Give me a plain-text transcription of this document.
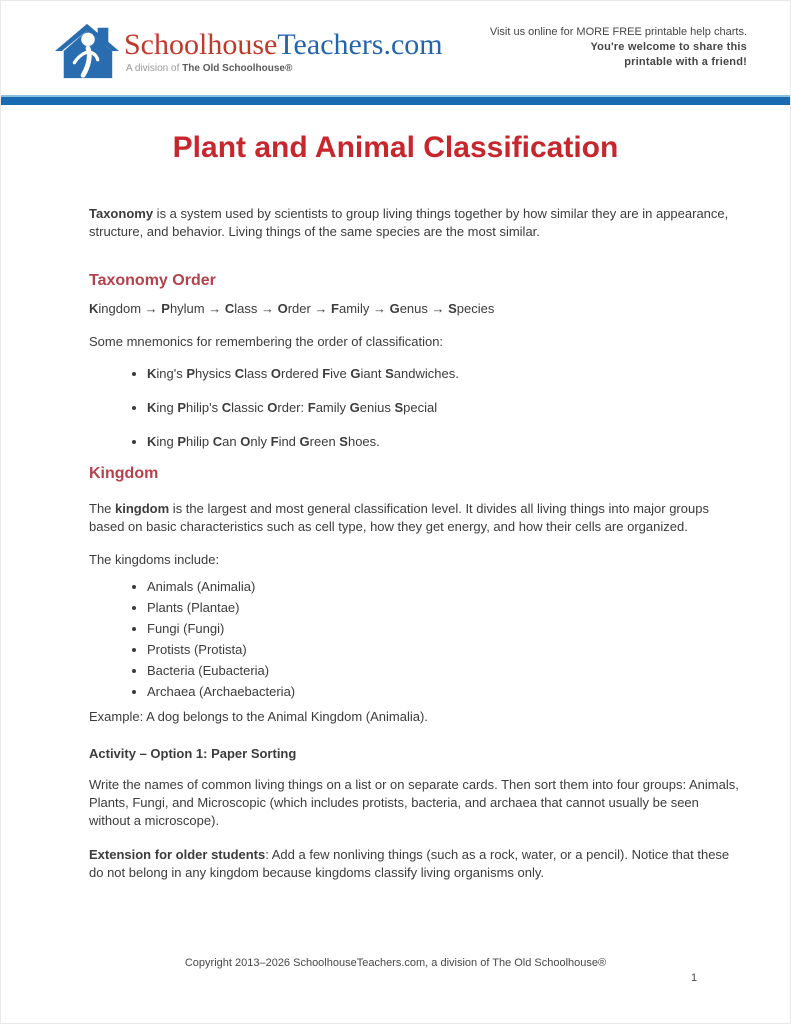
SchoolhouseTeachers.com
A division of The Old Schoolhouse®
Visit us online for MORE FREE printable help charts.
You're welcome to share this
printable with a friend!
Plant and Animal Classification

Taxonomy is a system used by scientists to group living things together by how similar they are in appearance, structure, and behavior. Living things of the same species are the most similar.

Taxonomy Order

Kingdom → Phylum → Class → Order → Family → Genus → Species

Some mnemonics for remembering the order of classification:

• King's Physics Class Ordered Five Giant Sandwiches.
• King Philip's Classic Order: Family Genius Special
• King Philip Can Only Find Green Shoes.
Kingdom

The kingdom is the largest and most general classification level. It divides all living things into major groups based on basic characteristics such as cell type, how they get energy, and how their cells are organized.

The kingdoms include:

• Animals (Animalia)
• Plants (Plantae)
• Fungi (Fungi)
• Protists (Protista)
• Bacteria (Eubacteria)
• Archaea (Archaebacteria)

Example: A dog belongs to the Animal Kingdom (Animalia).

Activity – Option 1: Paper Sorting

Write the names of common living things on a list or on separate cards. Then sort them into four groups: Animals, Plants, Fungi, and Microscopic (which includes protists, bacteria, and archaea that cannot usually be seen without a microscope).

Extension for older students: Add a few nonliving things (such as a rock, water, or a pencil). Notice that these do not belong in any kingdom because kingdoms classify living organisms only.

Copyright 2013–2026 SchoolhouseTeachers.com, a division of The Old Schoolhouse®
1
